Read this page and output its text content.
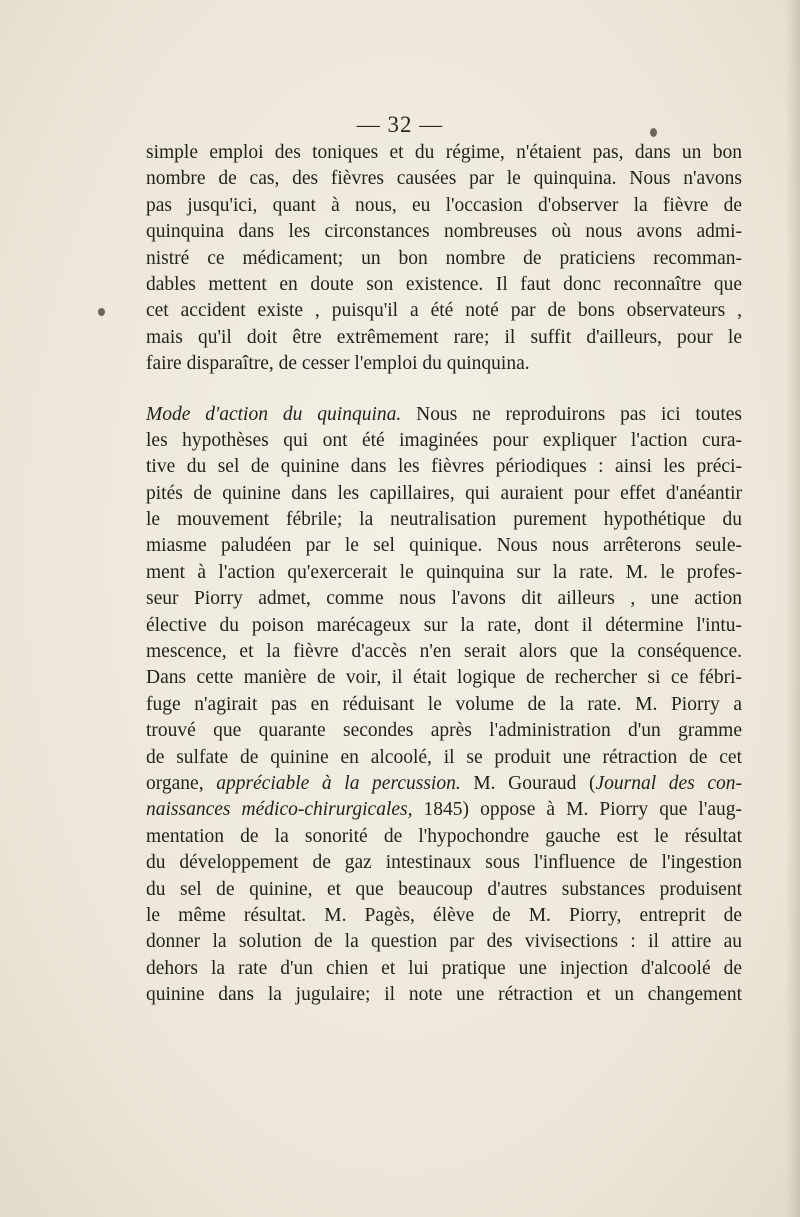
— 32 —
simple emploi des toniques et du régime, n'étaient pas, dans un bon
nombre de cas, des fièvres causées par le quinquina. Nous n'avons
pas jusqu'ici, quant à nous, eu l'occasion d'observer la fièvre de
quinquina dans les circonstances nombreuses où nous avons admi-
nistré ce médicament; un bon nombre de praticiens recomman-
dables mettent en doute son existence. Il faut donc reconnaître que
cet accident existe , puisqu'il a été noté par de bons observateurs ,
mais qu'il doit être extrêmement rare; il suffit d'ailleurs, pour le
faire disparaître, de cesser l'emploi du quinquina.
Mode d'action du quinquina. Nous ne reproduirons pas ici toutes
les hypothèses qui ont été imaginées pour expliquer l'action cura-
tive du sel de quinine dans les fièvres périodiques : ainsi les préci-
pités de quinine dans les capillaires, qui auraient pour effet d'anéantir
le mouvement fébrile; la neutralisation purement hypothétique du
miasme paludéen par le sel quinique. Nous nous arrêterons seule-
ment à l'action qu'exercerait le quinquina sur la rate. M. le profes-
seur Piorry admet, comme nous l'avons dit ailleurs , une action
élective du poison marécageux sur la rate, dont il détermine l'intu-
mescence, et la fièvre d'accès n'en serait alors que la conséquence.
Dans cette manière de voir, il était logique de rechercher si ce fébri-
fuge n'agirait pas en réduisant le volume de la rate. M. Piorry a
trouvé que quarante secondes après l'administration d'un gramme
de sulfate de quinine en alcoolé, il se produit une rétraction de cet
organe, appréciable à la percussion. M. Gouraud (Journal des con-
naissances médico-chirurgicales, 1845) oppose à M. Piorry que l'aug-
mentation de la sonorité de l'hypochondre gauche est le résultat
du développement de gaz intestinaux sous l'influence de l'ingestion
du sel de quinine, et que beaucoup d'autres substances produisent
le même résultat. M. Pagès, élève de M. Piorry, entreprit de
donner la solution de la question par des vivisections : il attire au
dehors la rate d'un chien et lui pratique une injection d'alcoolé de
quinine dans la jugulaire; il note une rétraction et un changement
